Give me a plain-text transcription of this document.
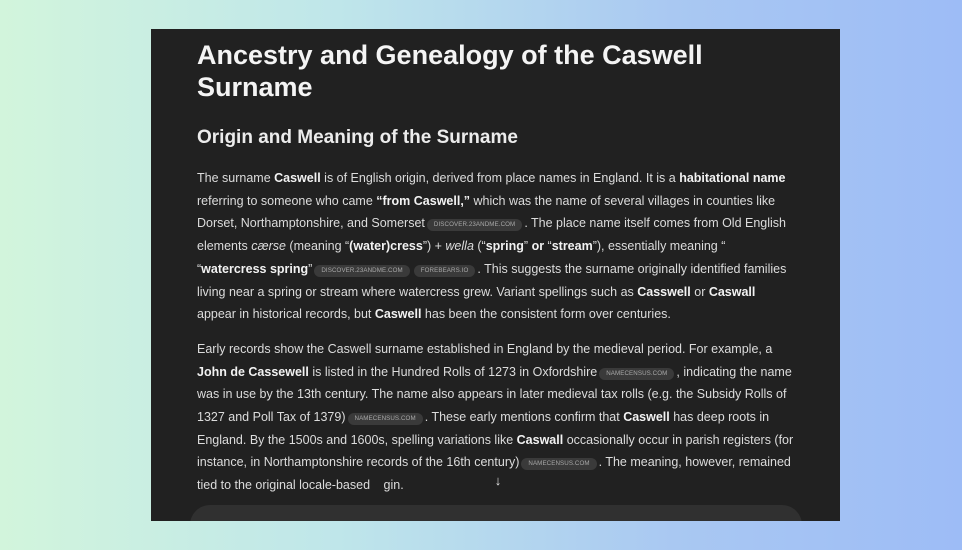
Ancestry and Genealogy of the Caswell
Surname
Origin and Meaning of the Surname

The surname Caswell is of English origin, derived from place names in England. It is a habitational name referring to someone who came “from Caswell,” which was the name of several villages in counties like Dorset, Northamptonshire, and Somerset DISCOVER.23ANDME.COM . The place name itself comes from Old English elements cærse (meaning “(water)cress”) + wella (“spring” or “stream”), essentially meaning “
“watercress spring” DISCOVER.23ANDME.COM	FOREBEARS.IO . This suggests the surname originally identified families living near a spring or stream where watercress grew. Variant spellings such as Casswell or Caswall appear in historical records, but Caswell has been the consistent form over centuries.

Early records show the Caswell surname established in England by the medieval period. For example, a John de Cassewell is listed in the Hundred Rolls of 1273 in Oxfordshire NAMECENSUS.COM , indicating the name was in use by the 13th century. The name also appears in later medieval tax rolls (e.g. the Subsidy Rolls of 1327 and Poll Tax of 1379) NAMECENSUS.COM . These early mentions confirm that Caswell has deep roots in England. By the 1500s and 1600s, spelling variations like Caswall occasionally occur in parish registers (for instance, in Northamptonshire records of the 16th century) NAMECENSUS.COM . The meaning, however, remained tied to the original locale-based gin.	↓
Ask anything
